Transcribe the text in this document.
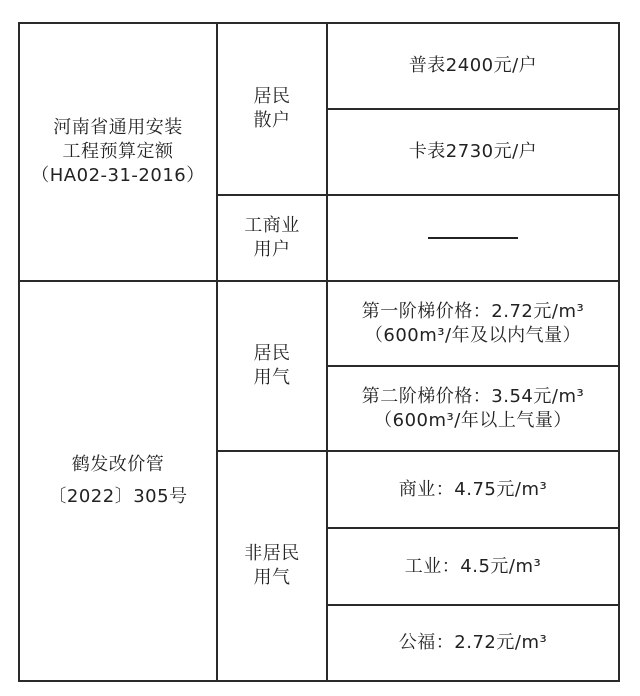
河南省通用安装
工程预算定额
（HA02-31-2016）
居民
散户
工商业
用户
普表2400元/户
卡表2730元/户
鹤发改价管
〔2022〕305号
居民
用气
非居民
用气
第一阶梯价格：2.72元/m³
（600m³/年及以内气量）
第二阶梯价格：3.54元/m³
（600m³/年以上气量）
商业：4.75元/m³
工业：4.5元/m³
公福：2.72元/m³
